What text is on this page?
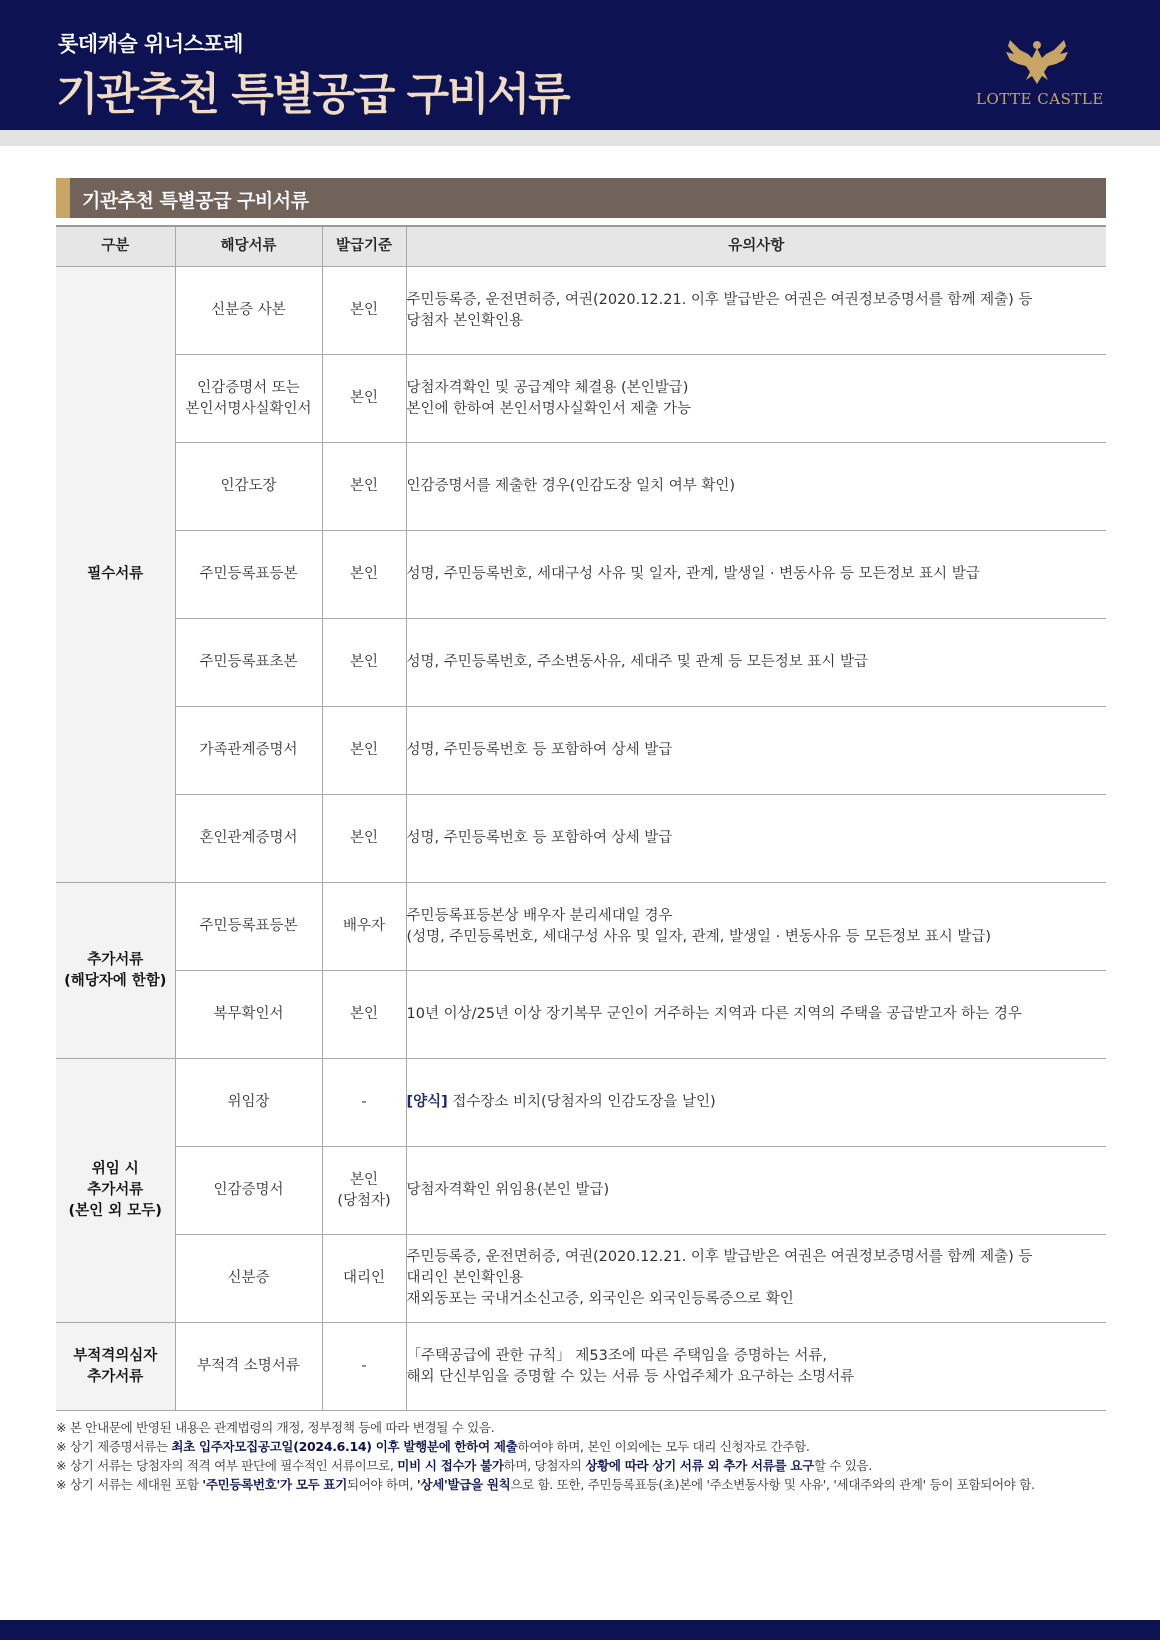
롯데캐슬 위너스포레
기관추천 특별공급 구비서류	LOTTE CASTLE
기관추천 특별공급 구비서류
구분	해당서류	발급기준	유의사항

필수서류	신분증 사본	본인	주민등록증, 운전면허증, 여권(2020.12.21. 이후 발급받은 여권은 여권정보증명서를 함께 제출) 등
당첨자 본인확인용

	인감증명서 또는
본인서명사실확인서	본인	당첨자격확인 및 공급계약 체결용 (본인발급)
본인에 한하여 본인서명사실확인서 제출 가능

	인감도장	본인	인감증명서를 제출한 경우(인감도장 일치 여부 확인)

	주민등록표등본	본인	성명, 주민등록번호, 세대구성 사유 및 일자, 관계, 발생일 · 변동사유 등 모든정보 표시 발급

	주민등록표초본	본인	성명, 주민등록번호, 주소변동사유, 세대주 및 관계 등 모든정보 표시 발급

	가족관계증명서	본인	성명, 주민등록번호 등 포함하여 상세 발급

	혼인관계증명서	본인	성명, 주민등록번호 등 포함하여 상세 발급

추가서류
(해당자에 한함)	주민등록표등본	배우자	주민등록표등본상 배우자 분리세대일 경우
(성명, 주민등록번호, 세대구성 사유 및 일자, 관계, 발생일 · 변동사유 등 모든정보 표시 발급)

	복무확인서	본인	10년 이상/25년 이상 장기복무 군인이 거주하는 지역과 다른 지역의 주택을 공급받고자 하는 경우

위임 시
추가서류
(본인 외 모두)	위임장	-	[양식] 접수장소 비치(당첨자의 인감도장을 날인)

	인감증명서	본인
(당첨자)	당첨자격확인 위임용(본인 발급)

	신분증	대리인	주민등록증, 운전면허증, 여권(2020.12.21. 이후 발급받은 여권은 여권정보증명서를 함께 제출) 등
대리인 본인확인용
재외동포는 국내거소신고증, 외국인은 외국인등록증으로 확인

부적격의심자
추가서류	부적격 소명서류	-	「주택공급에 관한 규칙」 제53조에 따른 주택임을 증명하는 서류,
해외 단신부임을 증명할 수 있는 서류 등 사업주체가 요구하는 소명서류
※ 본 안내문에 반영된 내용은 관계법령의 개정, 정부정책 등에 따라 변경될 수 있음.
※ 상기 제증명서류는 최초 입주자모집공고일(2024.6.14) 이후 발행분에 한하여 제출하여야 하며, 본인 이외에는 모두 대리 신청자로 간주함.
※ 상기 서류는 당첨자의 적격 여부 판단에 필수적인 서류이므로, 미비 시 접수가 불가하며, 당첨자의 상황에 따라 상기 서류 외 추가 서류를 요구할 수 있음.
※ 상기 서류는 세대원 포함 '주민등록번호'가 모두 표기되어야 하며, '상세'발급을 원칙으로 함. 또한, 주민등록표등(초)본에 '주소변동사항 및 사유', '세대주와의 관계' 등이 포함되어야 함.
